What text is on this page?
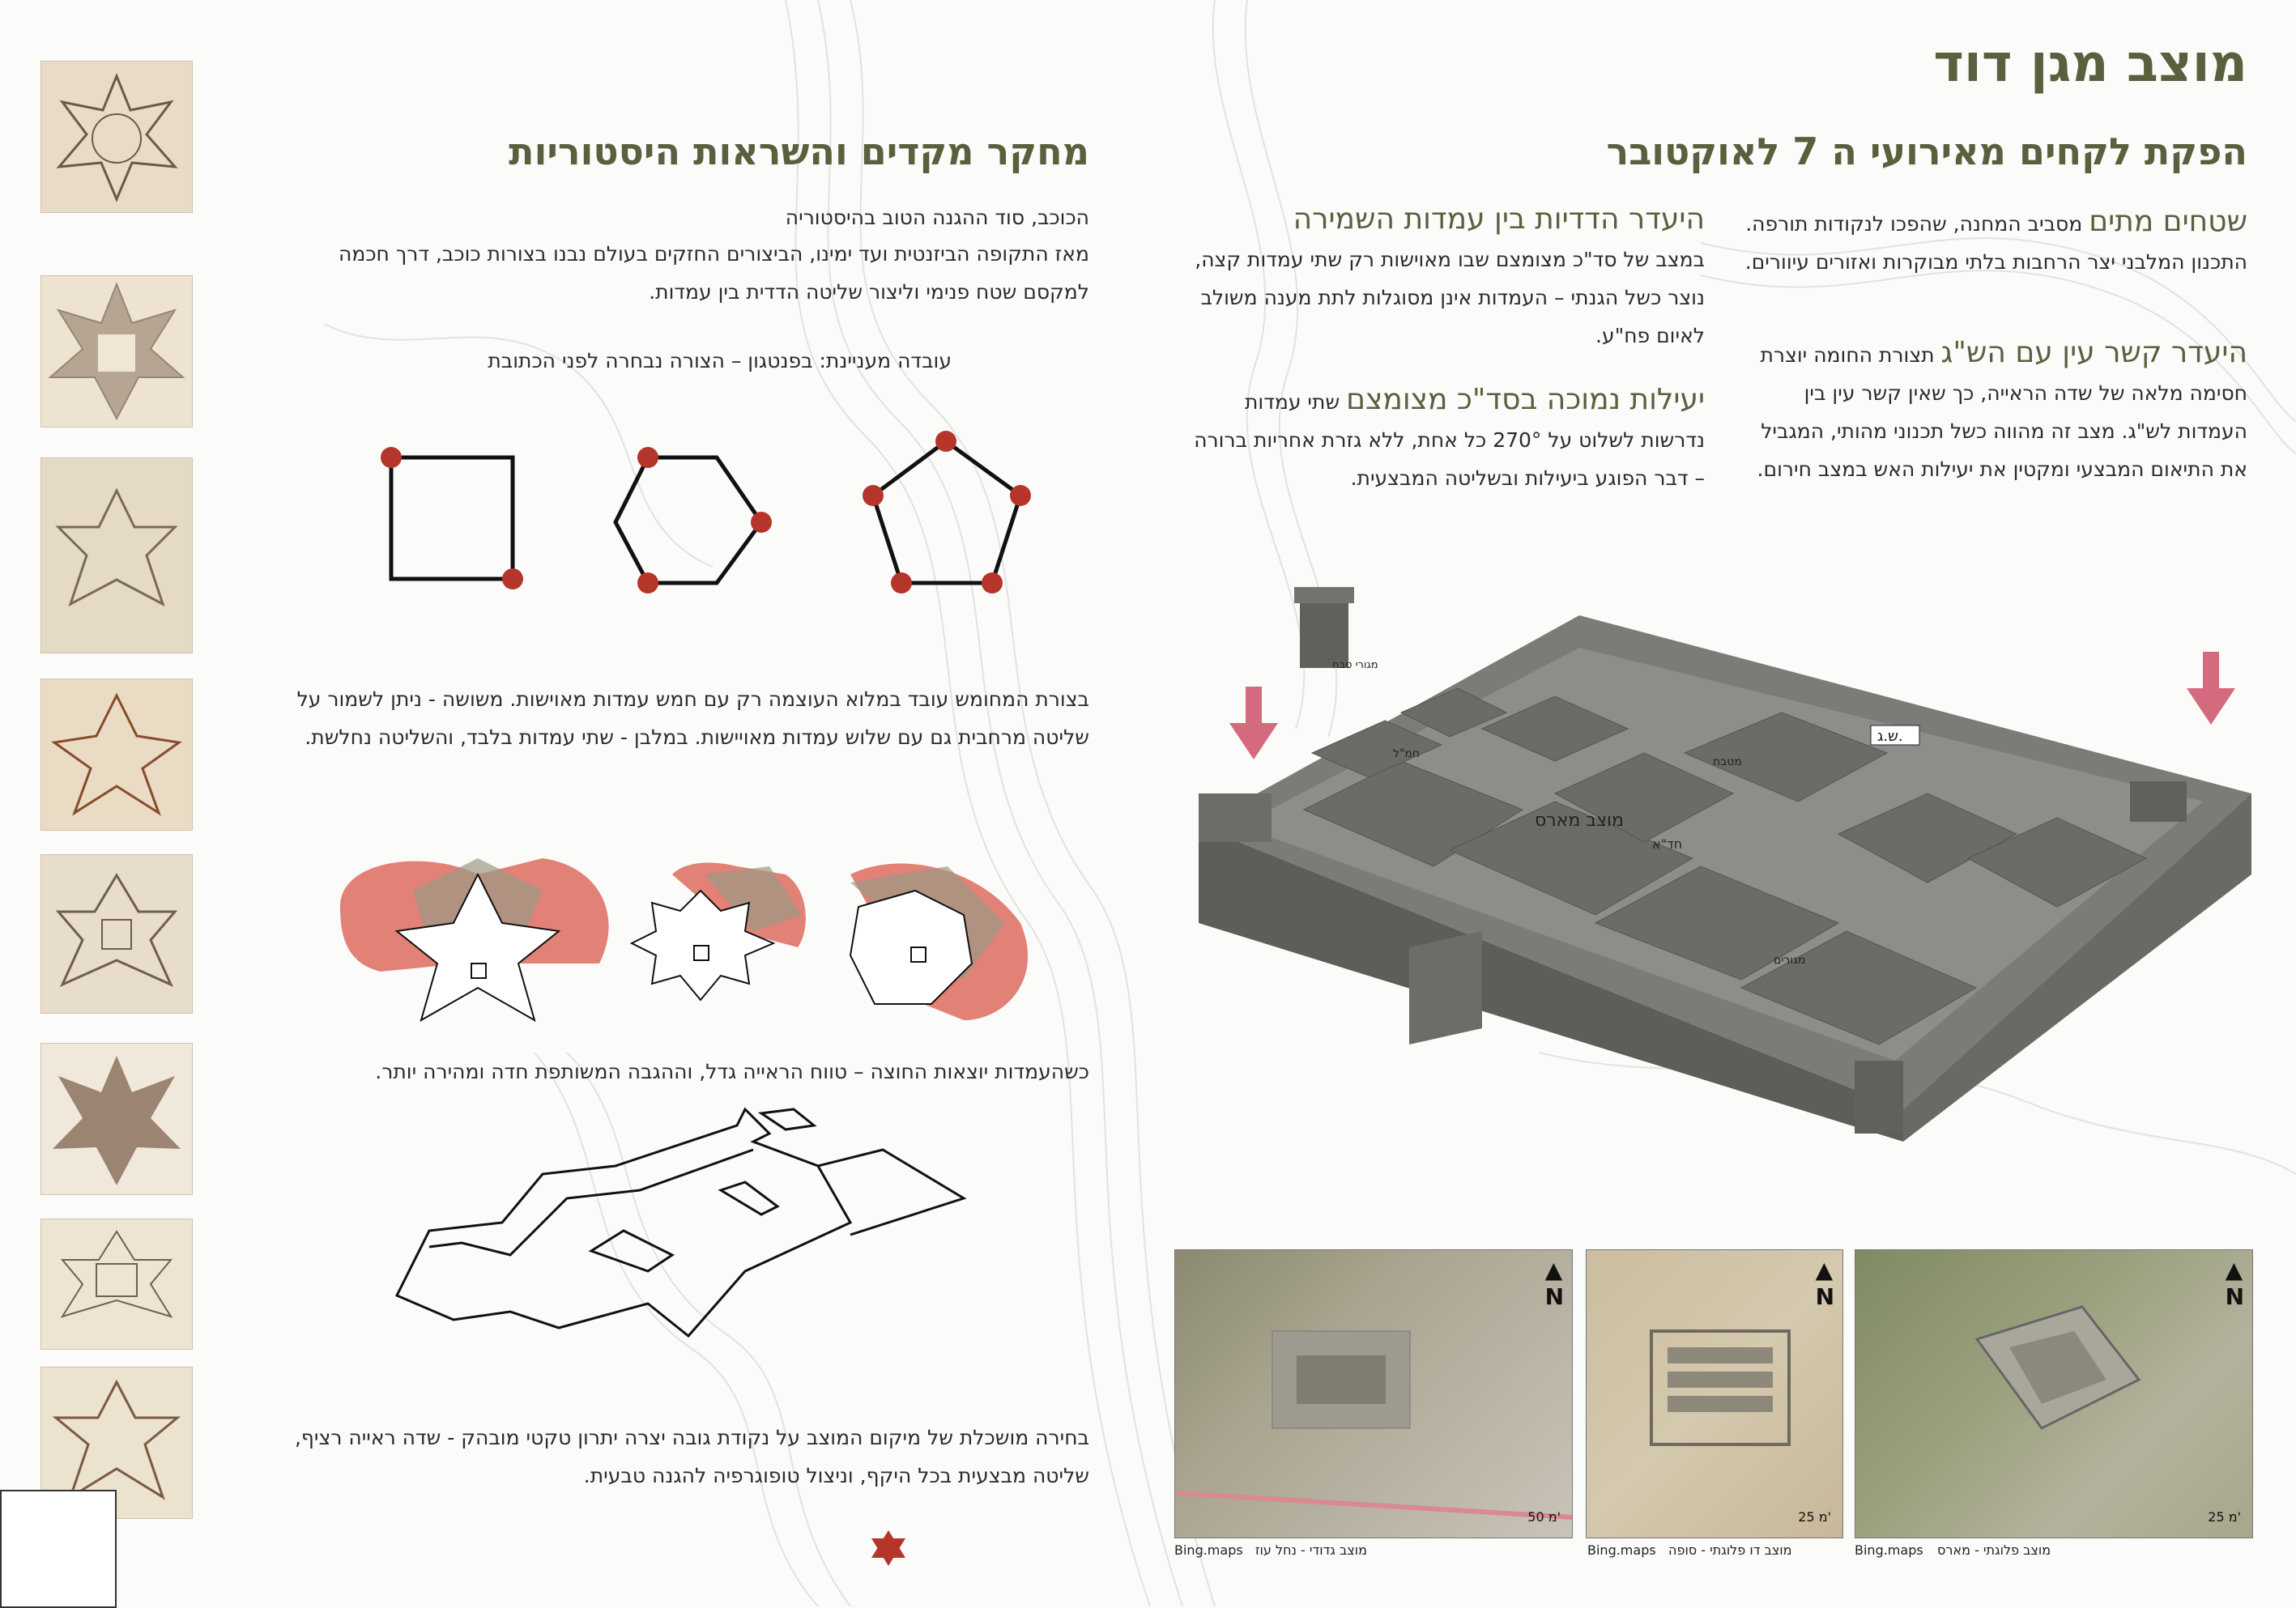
מוצב מגן דוד
הפקת לקחים מאירועי ה 7 לאוקטובר
מחקר מקדים והשראות היסטוריות
שטחים מתים מסביב המחנה, שהפכו לנקודות תורפה. התכנון המלבני יצר הרחבות בלתי מבוקרות ואזורים עיוורים.
היעדר קשר עין עם הש"ג תצורת החומה יוצרת חסימה מלאה של שדה הראייה, כך שאין קשר עין בין העמדות לש"ג. מצב זה מהווה כשל תכנוני מהותי, המגביל את התיאום המבצעי ומקטין את יעילות האש במצב חירום.
היעדר הדדיות בין עמדות השמירה
במצב של סד"כ מצומצם שבו מאוישות רק שתי עמדות קצה, נוצר כשל הגנתי – העמדות אינן מסוגלות לתת מענה משולב לאיום פח"ע.
יעילות נמוכה בסד"כ מצומצם שתי עמדות נדרשות לשלוט על 270° כל אחת, ללא גזרת אחריות ברורה – דבר הפוגע ביעילות ובשליטה המבצעית.
הכוכב, סוד ההגנה הטוב בהיסטוריה
מאז התקופה הביזנטית ועד ימינו, הביצורים החזקים בעולם נבנו בצורות כוכב, דרך חכמה למקסם שטח פנימי וליצור שליטה הדדית בין עמדות.
עובדה מעניינת: בפנטגון – הצורה נבחרה לפני הכתובת
בצורת המחומש עובד במלוא העוצמה רק עם חמש עמדות מאוישות. משושה - ניתן לשמור על שליטה מרחבית גם עם שלוש עמדות מאויישות. במלבן - שתי עמדות בלבד, והשליטה נחלשת.
כשהעמדות יוצאות החוצה – טווח הראייה גדל, וההגבה המשותפת חדה ומהירה יותר.
בחירה מושכלת של מיקום המוצב על נקודת גובה יצרה יתרון טקטי מובהק - שדה ראייה רציף, שליטה מבצעית בכל היקף, וניצול טופוגרפיה להגנה טבעית.
ש.ג.
מוצב מארס
חד"א
מטבח
חמ"ל
מגורים
מגורי טבח
50 מ'
▲
N
25 מ'
▲
N
25 מ'
▲
N
Bing.maps מוצב גדודי - נחל עוז	Bing.maps מוצב דו פלוגתי - סופה	Bing.maps מוצב פלוגתי - מארס
